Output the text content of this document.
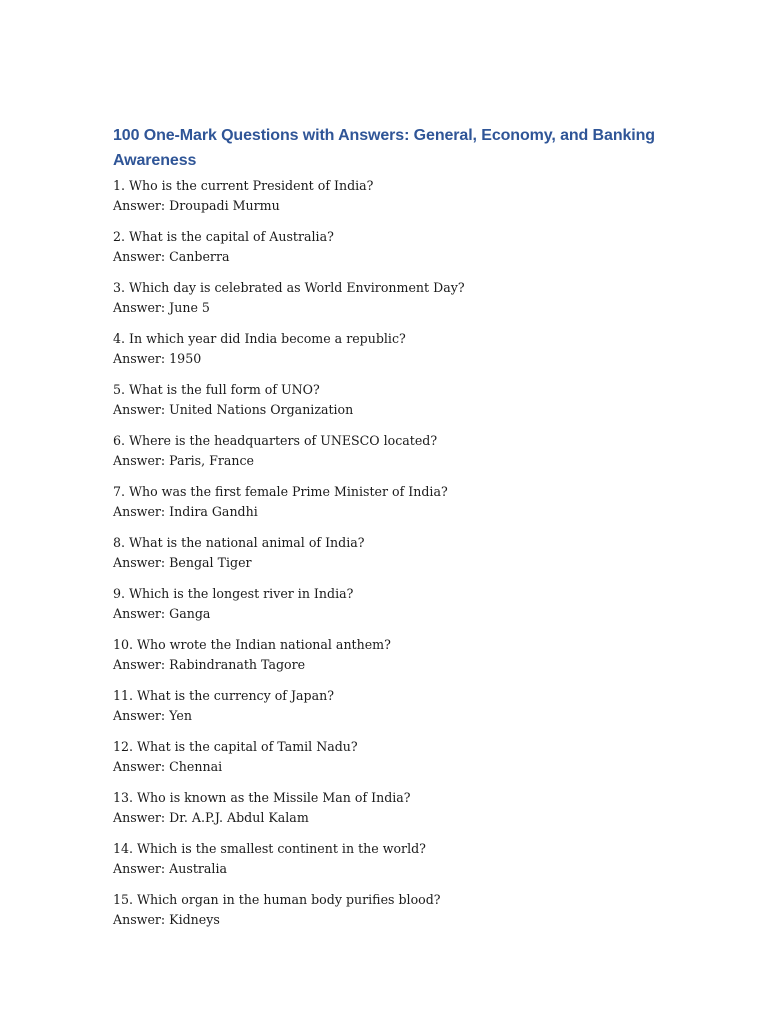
100 One-Mark Questions with Answers: General, Economy, and Banking Awareness

1. Who is the current President of India?

Answer: Droupadi Murmu

2. What is the capital of Australia?

Answer: Canberra

3. Which day is celebrated as World Environment Day?

Answer: June 5

4. In which year did India become a republic?

Answer: 1950

5. What is the full form of UNO?

Answer: United Nations Organization

6. Where is the headquarters of UNESCO located?

Answer: Paris, France

7. Who was the first female Prime Minister of India?

Answer: Indira Gandhi

8. What is the national animal of India?

Answer: Bengal Tiger

9. Which is the longest river in India?

Answer: Ganga

10. Who wrote the Indian national anthem?

Answer: Rabindranath Tagore

11. What is the currency of Japan?

Answer: Yen

12. What is the capital of Tamil Nadu?

Answer: Chennai

13. Who is known as the Missile Man of India?

Answer: Dr. A.P.J. Abdul Kalam

14. Which is the smallest continent in the world?

Answer: Australia

15. Which organ in the human body purifies blood?

Answer: Kidneys
